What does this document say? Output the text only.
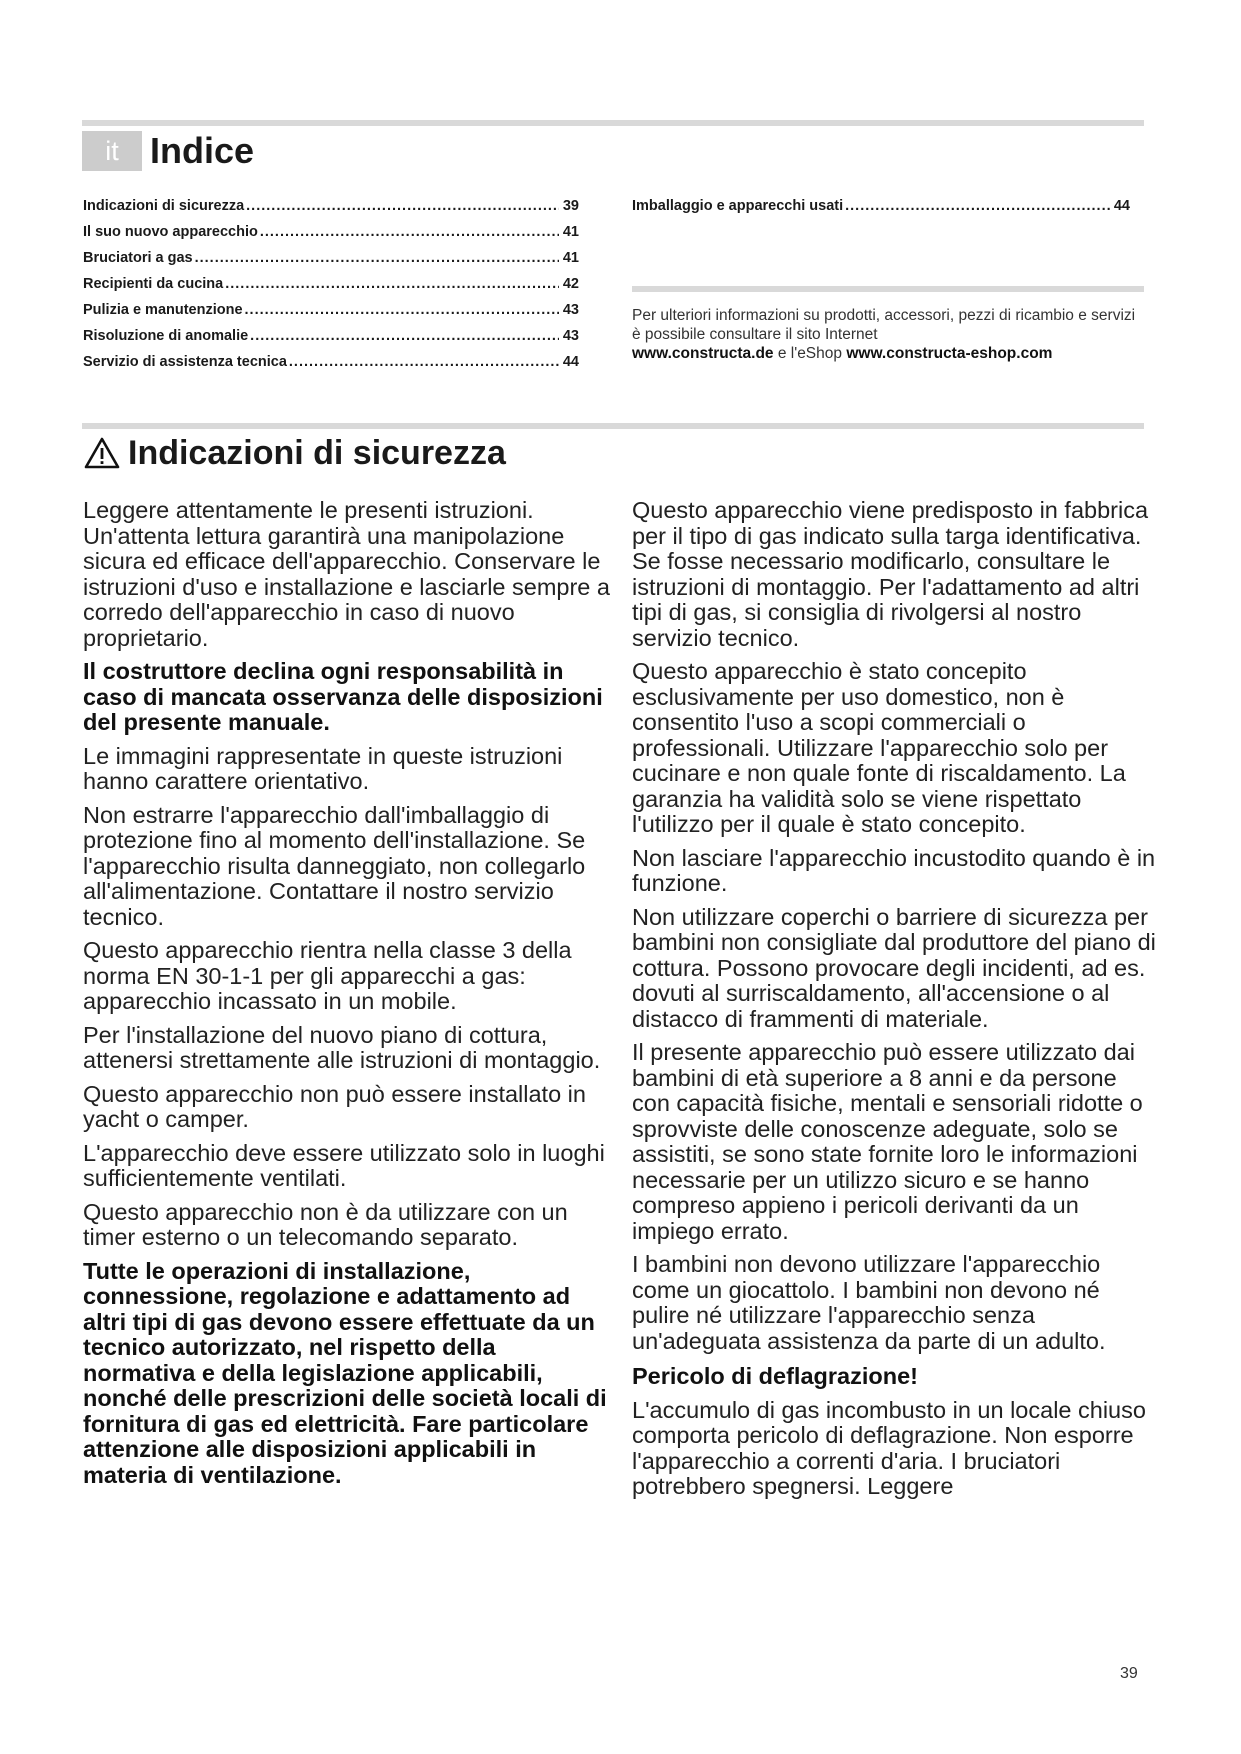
it Indice
Indicazioni di sicurezza .....	39
Il suo nuovo apparecchio .....	41
Bruciatori a gas .....	41
Recipienti da cucina .....	42
Pulizia e manutenzione .....	43
Risoluzione di anomalie .....	43
Servizio di assistenza tecnica .....	44
Imballaggio e apparecchi usati .....	44

Per ulteriori informazioni su prodotti, accessori, pezzi di ricambio e servizi è possibile consultare il sito Internet
www.constructa.de e l'eShop www.constructa-eshop.com

Indicazioni di sicurezza

Leggere attentamente le presenti istruzioni. Un'attenta lettura garantirà una manipolazione sicura ed efficace dell'apparecchio. Conservare le istruzioni d'uso e installazione e lasciarle sempre a corredo dell'apparecchio in caso di nuovo proprietario.

Il costruttore declina ogni responsabilità in caso di mancata osservanza delle disposizioni del presente manuale.

Le immagini rappresentate in queste istruzioni hanno carattere orientativo.

Non estrarre l'apparecchio dall'imballaggio di protezione fino al momento dell'installazione. Se l'apparecchio risulta danneggiato, non collegarlo all'alimentazione. Contattare il nostro servizio tecnico.

Questo apparecchio rientra nella classe 3 della norma EN 30-1-1 per gli apparecchi a gas: apparecchio incassato in un mobile.

Per l'installazione del nuovo piano di cottura, attenersi strettamente alle istruzioni di montaggio.

Questo apparecchio non può essere installato in yacht o camper.

L'apparecchio deve essere utilizzato solo in luoghi sufficientemente ventilati.

Questo apparecchio non è da utilizzare con un timer esterno o un telecomando separato.

Tutte le operazioni di installazione, connessione, regolazione e adattamento ad altri tipi di gas devono essere effettuate da un tecnico autorizzato, nel rispetto della normativa e della legislazione applicabili, nonché delle prescrizioni delle società locali di fornitura di gas ed elettricità. Fare particolare attenzione alle disposizioni applicabili in materia di ventilazione.

Questo apparecchio viene predisposto in fabbrica per il tipo di gas indicato sulla targa identificativa. Se fosse necessario modificarlo, consultare le istruzioni di montaggio. Per l'adattamento ad altri tipi di gas, si consiglia di rivolgersi al nostro servizio tecnico.

Questo apparecchio è stato concepito esclusivamente per uso domestico, non è consentito l'uso a scopi commerciali o professionali. Utilizzare l'apparecchio solo per cucinare e non quale fonte di riscaldamento. La garanzia ha validità solo se viene rispettato l'utilizzo per il quale è stato concepito.

Non lasciare l'apparecchio incustodito quando è in funzione.

Non utilizzare coperchi o barriere di sicurezza per bambini non consigliate dal produttore del piano di cottura. Possono provocare degli incidenti, ad es. dovuti al surriscaldamento, all'accensione o al distacco di frammenti di materiale.

Il presente apparecchio può essere utilizzato dai bambini di età superiore a 8 anni e da persone con capacità fisiche, mentali e sensoriali ridotte o sprovviste delle conoscenze adeguate, solo se assistiti, se sono state fornite loro le informazioni necessarie per un utilizzo sicuro e se hanno compreso appieno i pericoli derivanti da un impiego errato.

I bambini non devono utilizzare l'apparecchio come un giocattolo. I bambini non devono né pulire né utilizzare l'apparecchio senza un'adeguata assistenza da parte di un adulto.

Pericolo di deflagrazione!

L'accumulo di gas incombusto in un locale chiuso comporta pericolo di deflagrazione. Non esporre l'apparecchio a correnti d'aria. I bruciatori potrebbero spegnersi. Leggere

39
